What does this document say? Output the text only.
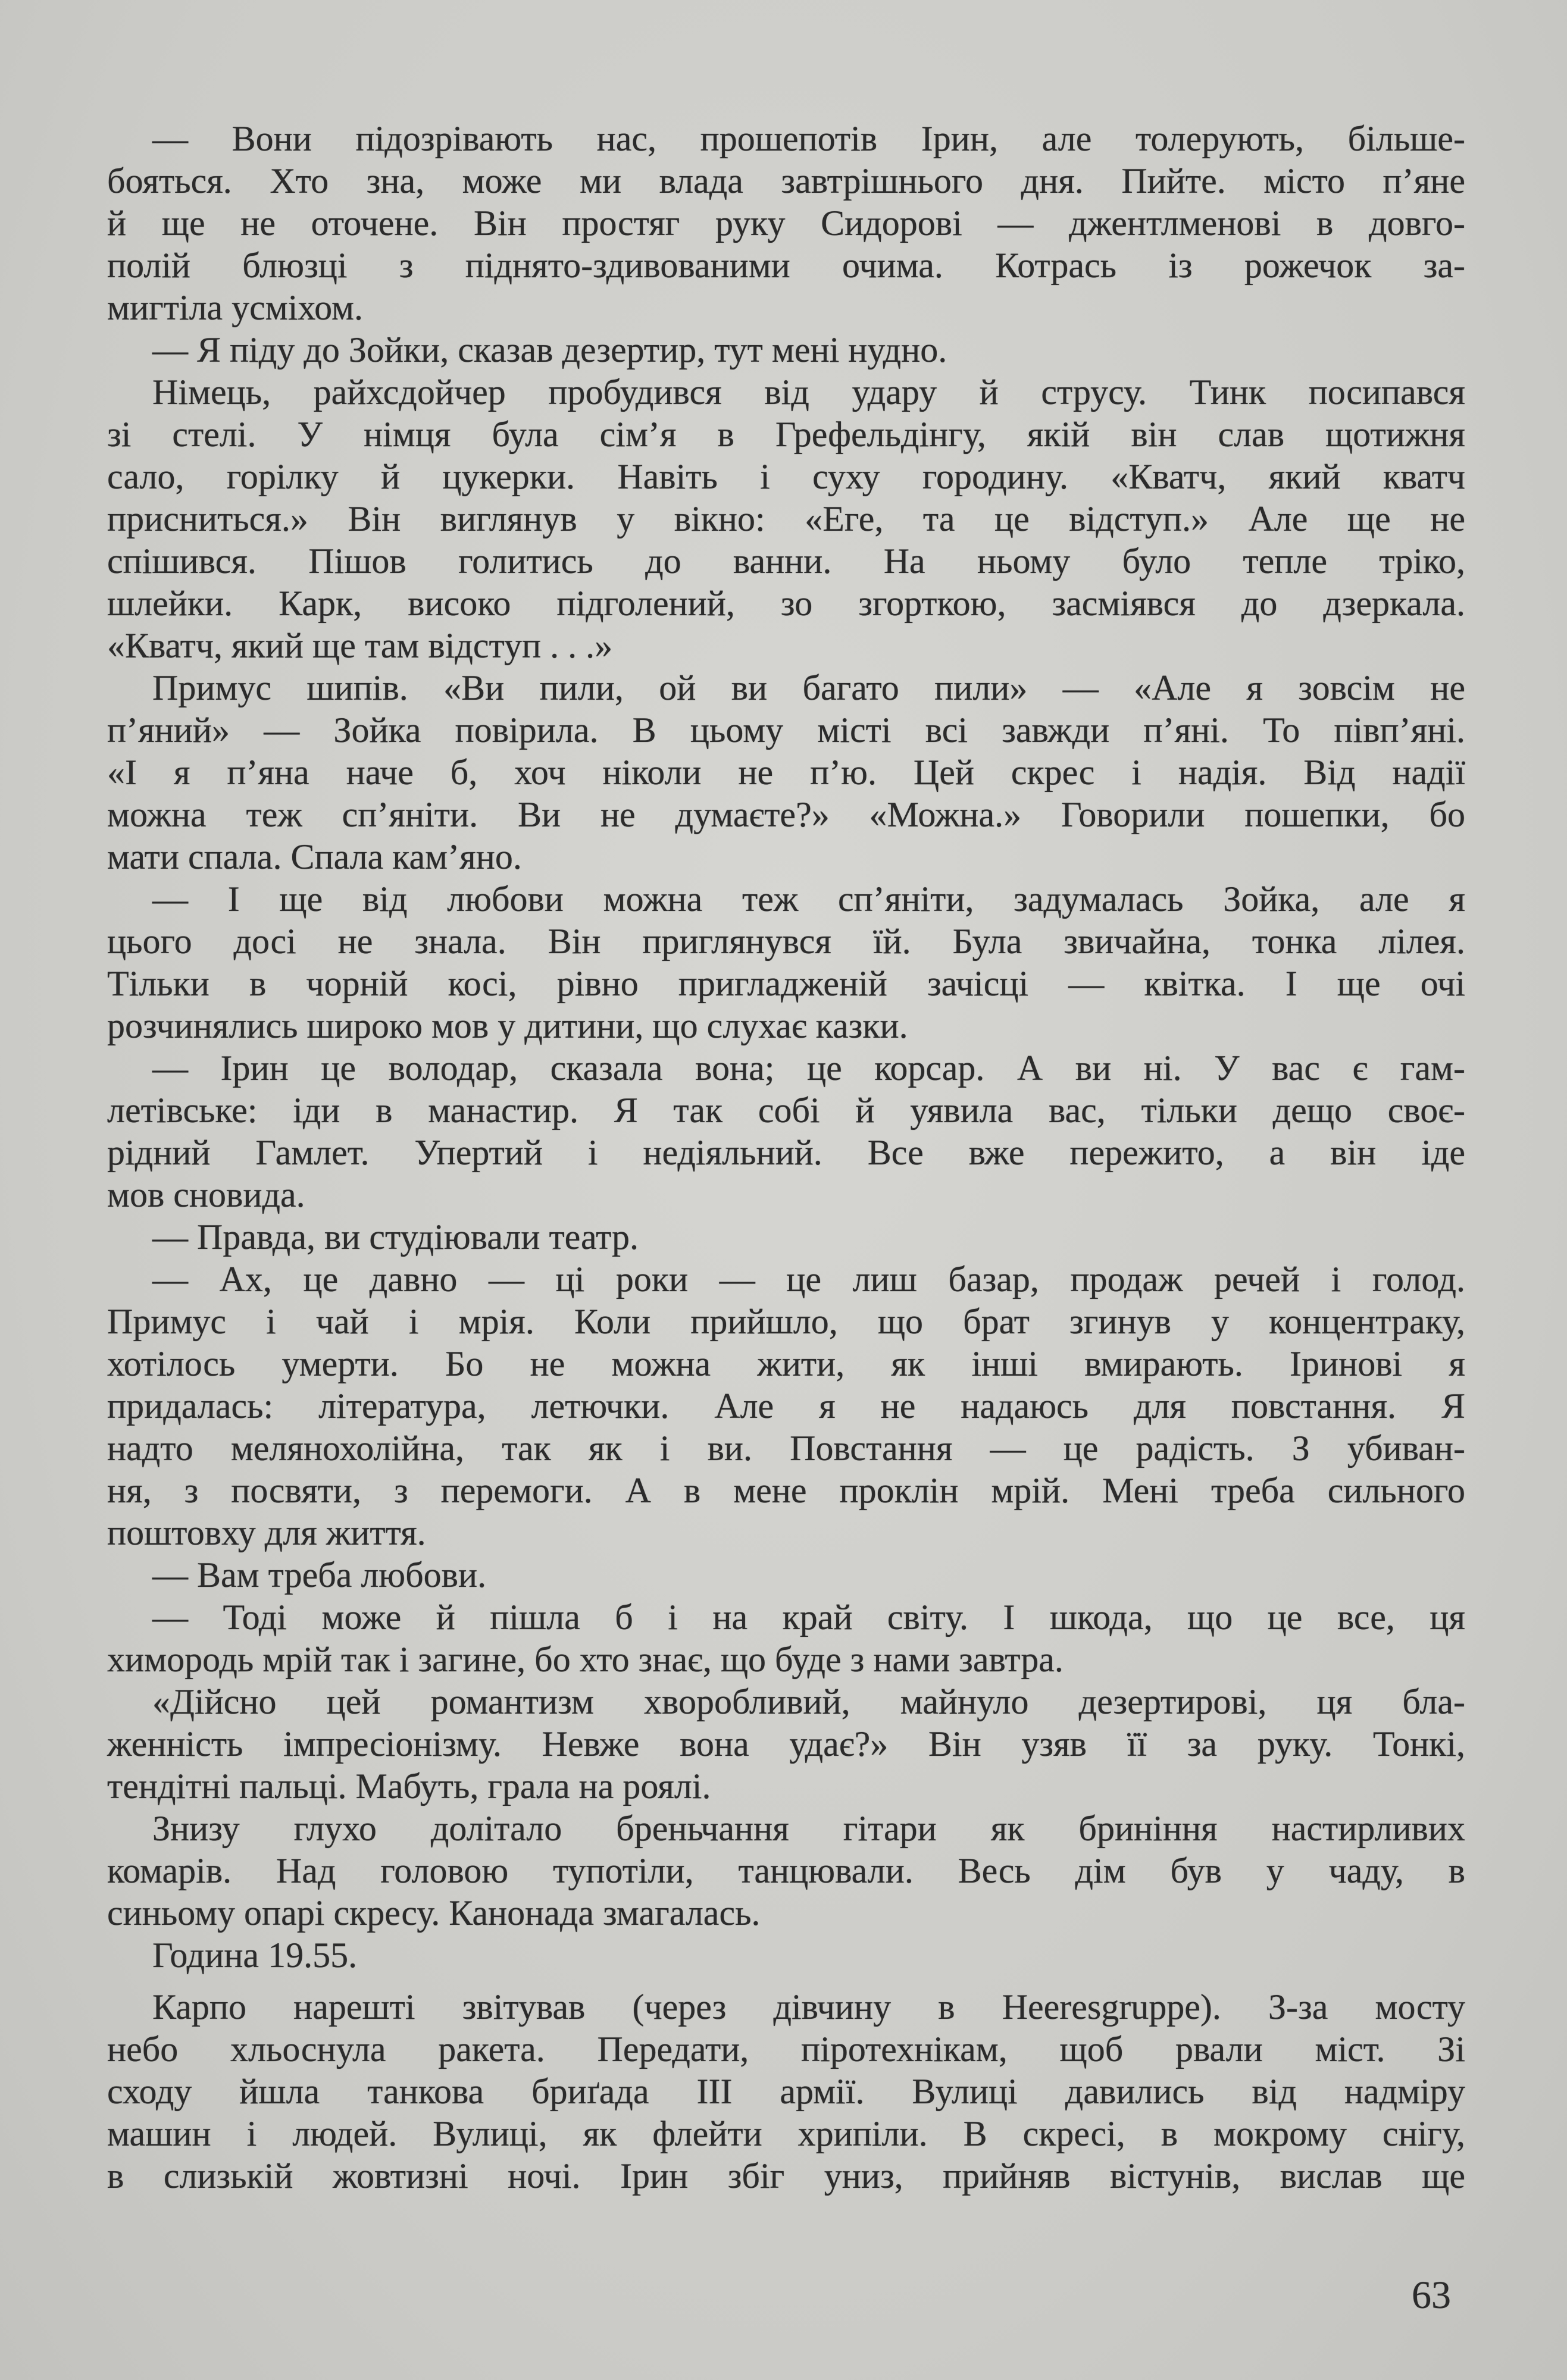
— Вони підозрівають нас, прошепотів Ірин, але толерують, більше-
бояться. Хто зна, може ми влада завтрішнього дня. Пийте. місто п’яне
й ще не оточене. Він простяг руку Сидорові — джентлменові в довго-
полій блюзці з піднято-здивованими очима. Котрась із рожечок за-
мигтіла усміхом.
— Я піду до Зойки, сказав дезертир, тут мені нудно.
Німець, райхсдойчер пробудився від удару й струсу. Тинк посипався
зі стелі. У німця була сім’я в Грефельдінгу, якій він слав щотижня
сало, горілку й цукерки. Навіть і суху городину. «Кватч, який кватч
присниться.» Він виглянув у вікно: «Еге, та це відступ.» Але ще не
спішився. Пішов голитись до ванни. На ньому було тепле тріко,
шлейки. Карк, високо підголений, зо згорткою, засміявся до дзеркала.
«Кватч, який ще там відступ . . .»
Примус шипів. «Ви пили, ой ви багато пили» — «Але я зовсім не
п’яний» — Зойка повірила. В цьому місті всі завжди п’яні. То півп’яні.
«І я п’яна наче б, хоч ніколи не п’ю. Цей скрес і надія. Від надії
можна теж сп’яніти. Ви не думаєте?» «Можна.» Говорили пошепки, бо
мати спала. Спала кам’яно.
— І ще від любови можна теж сп’яніти, задумалась Зойка, але я
цього досі не знала. Він приглянувся їй. Була звичайна, тонка лілея.
Тільки в чорній косі, рівно пригладженій зачісці — квітка. І ще очі
розчинялись широко мов у дитини, що слухає казки.
— Ірин це володар, сказала вона; це корсар. А ви ні. У вас є гам-
летівське: іди в манастир. Я так собі й уявила вас, тільки дещо своє-
рідний Гамлет. Упертий і недіяльний. Все вже пережито, а він іде
мов сновида.
— Правда, ви студіювали театр.
— Ах, це давно — ці роки — це лиш базар, продаж речей і голод.
Примус і чай і мрія. Коли прийшло, що брат згинув у концентраку,
хотілось умерти. Бо не можна жити, як інші вмирають. Іринові я
придалась: література, летючки. Але я не надаюсь для повстання. Я
надто мелянохолійна, так як і ви. Повстання — це радість. З убиван-
ня, з посвяти, з перемоги. А в мене проклін мрій. Мені треба сильного
поштовху для життя.
— Вам треба любови.
— Тоді може й пішла б і на край світу. І шкода, що це все, ця
химородь мрій так і загине, бо хто знає, що буде з нами завтра.
«Дійсно цей романтизм хворобливий, майнуло дезертирові, ця бла-
женність імпресіонізму. Невже вона удає?» Він узяв її за руку. Тонкі,
тендітні пальці. Мабуть, грала на роялі.
Знизу глухо долітало бреньчання гітари як бриніння настирливих
комарів. Над головою тупотіли, танцювали. Весь дім був у чаду, в
синьому опарі скресу. Канонада змагалась.
Година 19.55.
Карпо нарешті звітував (через дівчину в Heeresgruppe). З-за мосту
небо хльоснула ракета. Передати, піротехнікам, щоб рвали міст. Зі
сходу йшла танкова бриґада III армії. Вулиці давились від надміру
машин і людей. Вулиці, як флейти хрипіли. В скресі, в мокрому снігу,
в слизькій жовтизні ночі. Ірин збіг униз, прийняв вістунів, вислав ще
63
